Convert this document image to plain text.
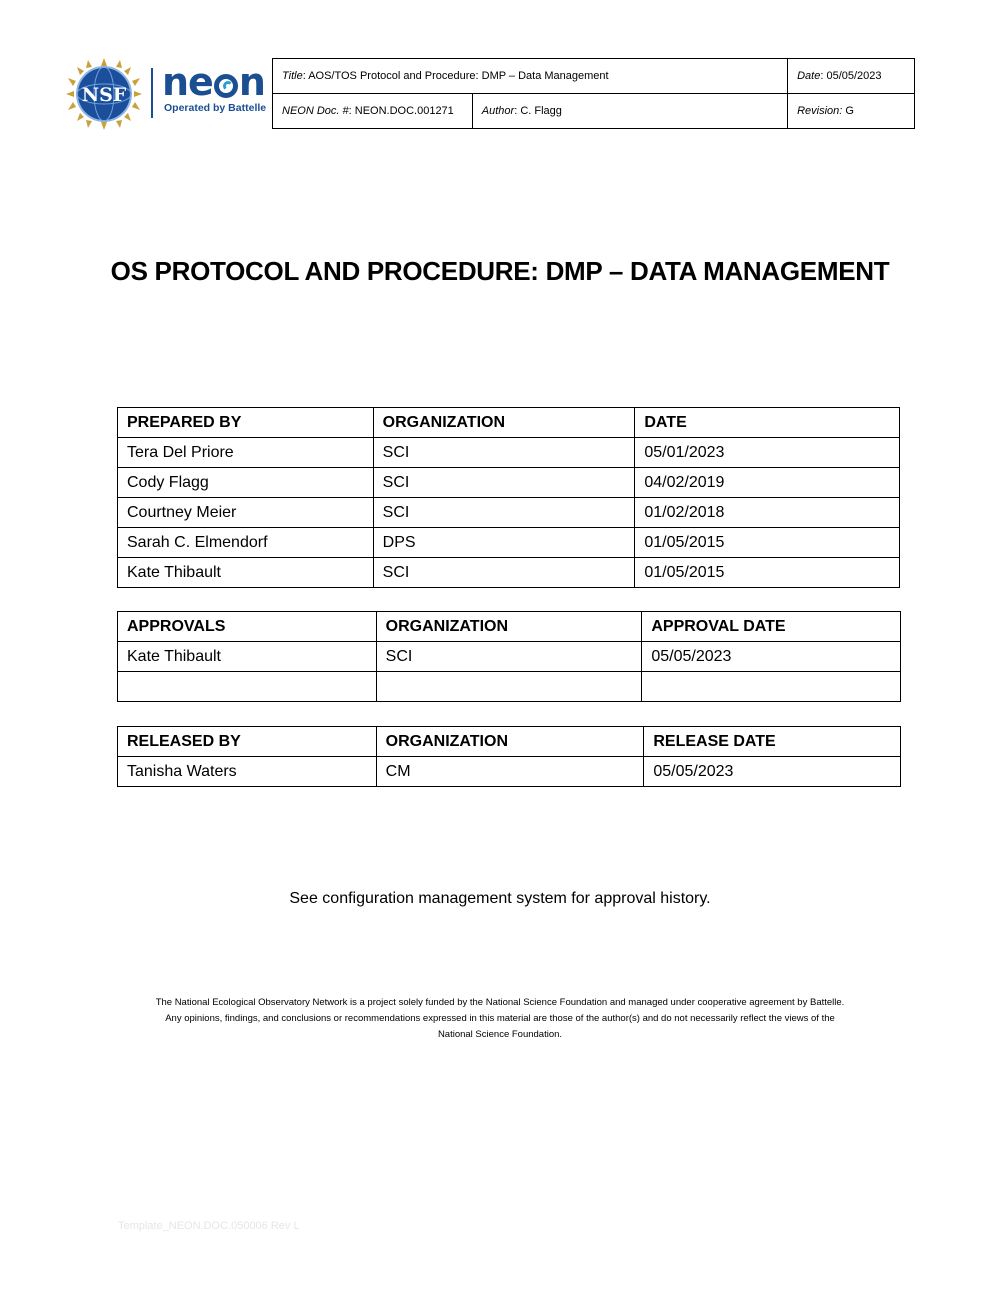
NSF ne n
Operated by Battelle
Title: AOS/TOS Protocol and Procedure: DMP – Data Management		Date: 05/05/2023
NEON Doc. #: NEON.DOC.001271	Author: C. Flagg	Revision: G
OS PROTOCOL AND PROCEDURE: DMP – DATA MANAGEMENT
PREPARED BY	ORGANIZATION	DATE
Tera Del Priore	SCI	05/01/2023
Cody Flagg	SCI	04/02/2019
Courtney Meier	SCI	01/02/2018
Sarah C. Elmendorf	DPS	01/05/2015
Kate Thibault	SCI	01/05/2015
APPROVALS	ORGANIZATION	APPROVAL DATE
Kate Thibault	SCI	05/05/2023

RELEASED BY	ORGANIZATION	RELEASE DATE
Tanisha Waters	CM	05/05/2023
See configuration management system for approval history.
The National Ecological Observatory Network is a project solely funded by the National Science Foundation and managed under cooperative agreement by Battelle.
Any opinions, findings, and conclusions or recommendations expressed in this material are those of the author(s) and do not necessarily reflect the views of the
National Science Foundation.
Template_NEON.DOC.050006 Rev L
